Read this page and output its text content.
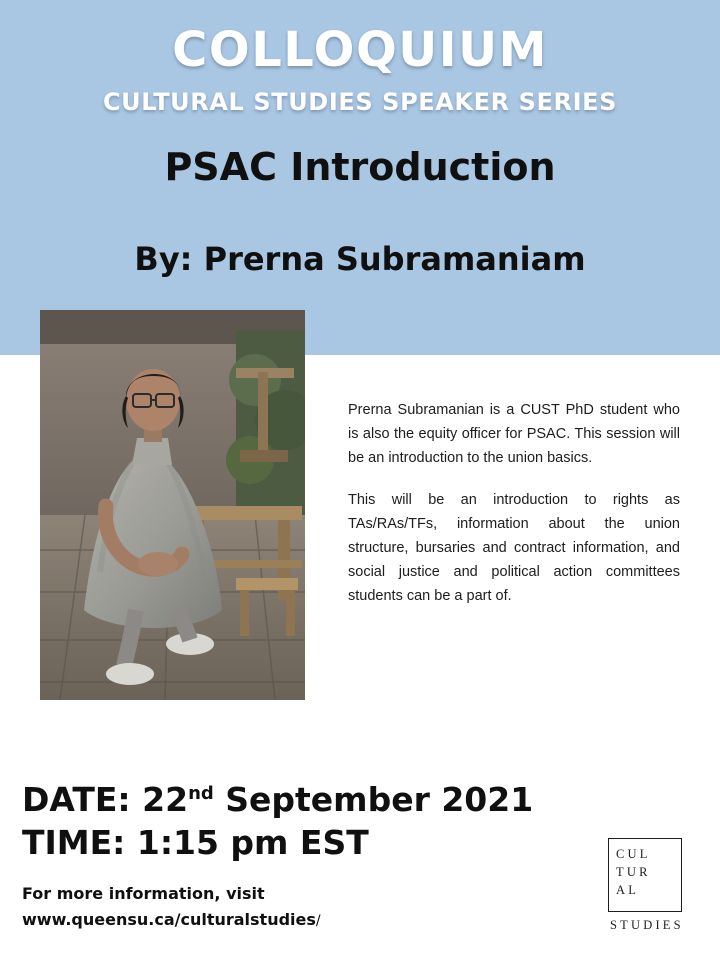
COLLOQUIUM
CULTURAL STUDIES SPEAKER SERIES
PSAC Introduction
By: Prerna Subramaniam

Prerna Subramanian is a CUST PhD student who is also the equity officer for PSAC. This session will be an introduction to the union basics.

This will be an introduction to rights as TAs/RAs/TFs, information about the union structure, bursaries and contract information, and social justice and political action committees students can be a part of.

DATE: 22nd September 2021
TIME: 1:15 pm EST
For more information, visit
www.queensu.ca/culturalstudies/
CUL
TUR
AL
STUDIES
